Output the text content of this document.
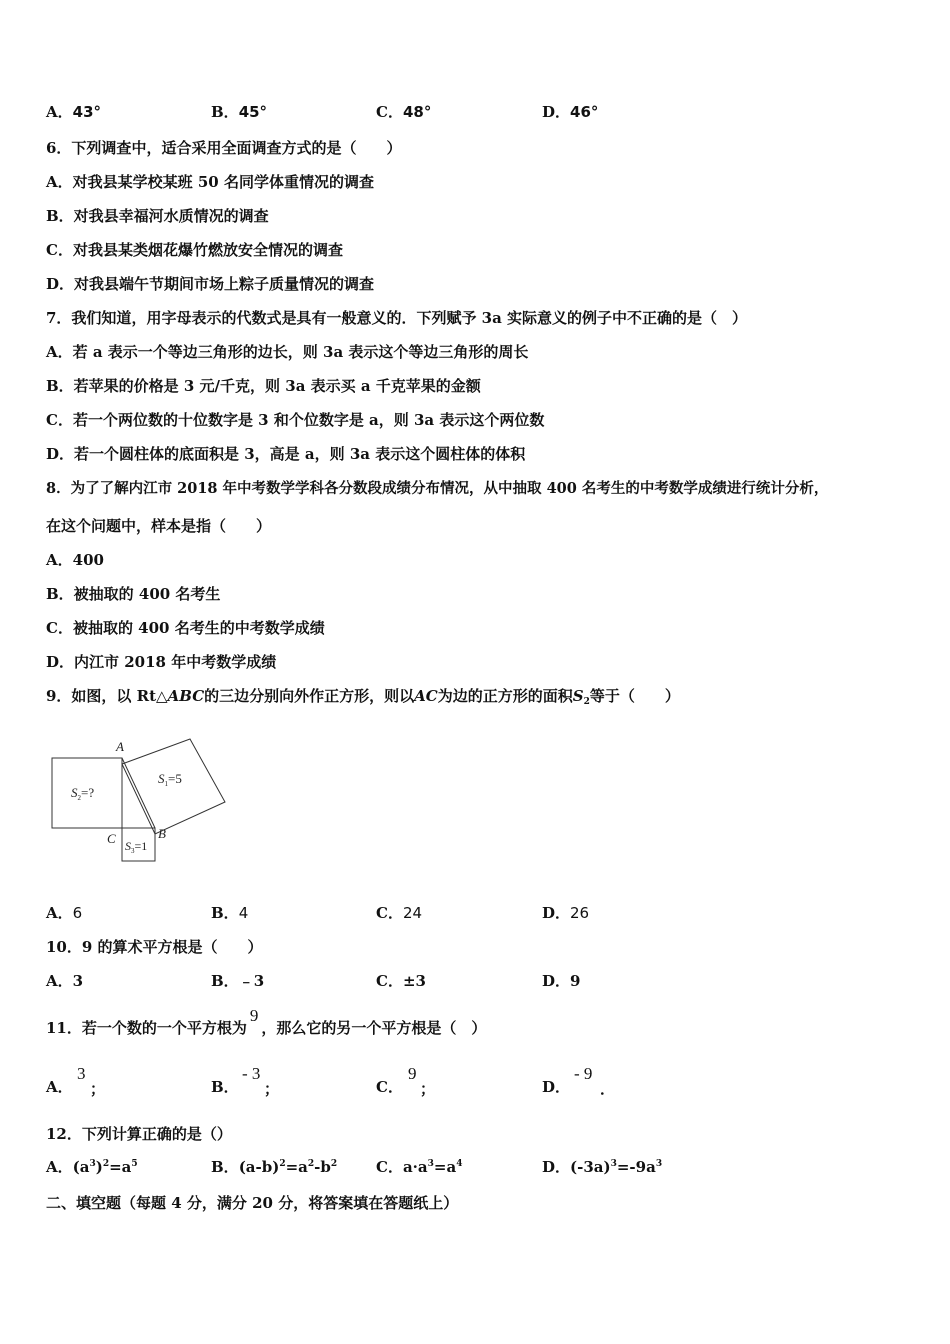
A．43°	B．45°	C．48°	D．46°
6．下列调查中，适合采用全面调查方式的是（　　）
A．对我县某学校某班 50 名同学体重情况的调查
B．对我县幸福河水质情况的调查
C．对我县某类烟花爆竹燃放安全情况的调查
D．对我县端午节期间市场上粽子质量情况的调查
7．我们知道，用字母表示的代数式是具有一般意义的．下列赋予 3a 实际意义的例子中不正确的是（　）
A．若 a 表示一个等边三角形的边长，则 3a 表示这个等边三角形的周长
B．若苹果的价格是 3 元/千克，则 3a 表示买 a 千克苹果的金额
C．若一个两位数的十位数字是 3 和个位数字是 a，则 3a 表示这个两位数
D．若一个圆柱体的底面积是 3，高是 a，则 3a 表示这个圆柱体的体积
8．为了了解内江市 2018 年中考数学学科各分数段成绩分布情况，从中抽取 400 名考生的中考数学成绩进行统计分析，
在这个问题中，样本是指（　　）
A．400
B．被抽取的 400 名考生
C．被抽取的 400 名考生的中考数学成绩
D．内江市 2018 年中考数学成绩
9．如图，以 Rt△ABC的三边分别向外作正方形，则以AC为边的正方形的面积$S_2$等于（　　）
A
B
C
$S_1=5$
$S_2=$?
$S_3=1$
A．6	B．4	C．24	D．26
10．9 的算术平方根是（　　）
A．3	B．﹣3	C．±3	D．9
11．若一个数的一个平方根为9，那么它的另一个平方根是（　）
A．
3
；	B．
- 3
；	C．
9
；	D．
- 9
．
12．下列计算正确的是（）
A．$(a^3)^2=a^5$	B．$(a-b)^2=a^2-b^2$	C．$a\cdot a^3=a^4$	D．$(-3a)^3=-9a^3$
二、填空题（每题 4 分，满分 20 分，将答案填在答题纸上）
